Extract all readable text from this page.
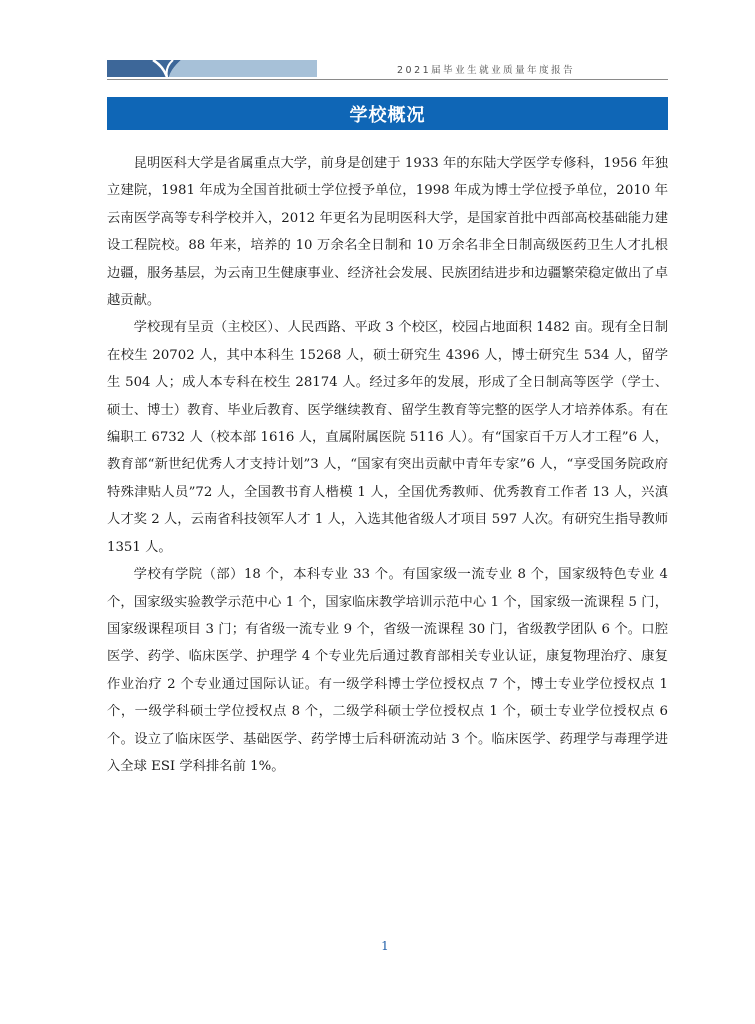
2021届毕业生就业质量年度报告
学校概况

昆明医科大学是省属重点大学，前身是创建于 1933 年的东陆大学医学专修科，1956 年独立建院，1981 年成为全国首批硕士学位授予单位，1998 年成为博士学位授予单位，2010 年云南医学高等专科学校并入，2012 年更名为昆明医科大学，是国家首批中西部高校基础能力建设工程院校。88 年来，培养的 10 万余名全日制和 10 万余名非全日制高级医药卫生人才扎根边疆，服务基层，为云南卫生健康事业、经济社会发展、民族团结进步和边疆繁荣稳定做出了卓越贡献。

学校现有呈贡（主校区）、人民西路、平政 3 个校区，校园占地面积 1482 亩。现有全日制在校生 20702 人，其中本科生 15268 人，硕士研究生 4396 人，博士研究生 534 人，留学生 504 人；成人本专科在校生 28174 人。经过多年的发展，形成了全日制高等医学（学士、硕士、博士）教育、毕业后教育、医学继续教育、留学生教育等完整的医学人才培养体系。有在编职工 6732 人（校本部 1616 人，直属附属医院 5116 人）。有“国家百千万人才工程”6 人，教育部“新世纪优秀人才支持计划”3 人，“国家有突出贡献中青年专家”6 人，“享受国务院政府特殊津贴人员”72 人，全国教书育人楷模 1 人，全国优秀教师、优秀教育工作者 13 人，兴滇人才奖 2 人，云南省科技领军人才 1 人，入选其他省级人才项目 597 人次。有研究生指导教师 1351 人。

学校有学院（部）18 个，本科专业 33 个。有国家级一流专业 8 个，国家级特色专业 4 个，国家级实验教学示范中心 1 个，国家临床教学培训示范中心 1 个，国家级一流课程 5 门，国家级课程项目 3 门；有省级一流专业 9 个，省级一流课程 30 门，省级教学团队 6 个。口腔医学、药学、临床医学、护理学 4 个专业先后通过教育部相关专业认证，康复物理治疗、康复作业治疗 2 个专业通过国际认证。有一级学科博士学位授权点 7 个，博士专业学位授权点 1 个，一级学科硕士学位授权点 8 个，二级学科硕士学位授权点 1 个，硕士专业学位授权点 6 个。设立了临床医学、基础医学、药学博士后科研流动站 3 个。临床医学、药理学与毒理学进入全球 ESI 学科排名前 1%。

1
